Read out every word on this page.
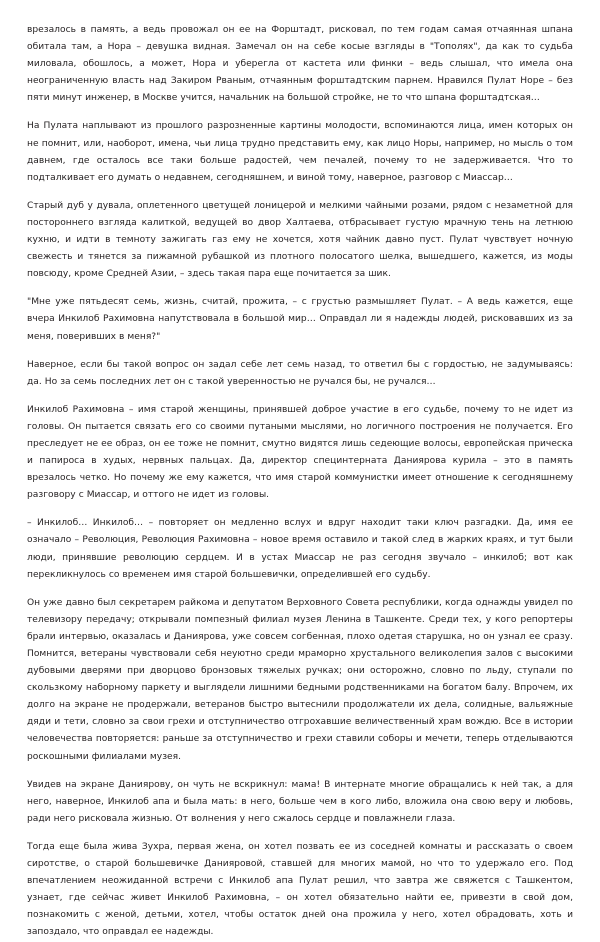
врезалось в память, а ведь провожал он ее на Форштадт, рисковал, по тем годам самая отчаянная шпана обитала там, а Нора – девушка видная. Замечал он на себе косые взгляды в "Тополях", да как то судьба миловала, обошлось, а может, Нора и уберегла от кастета или финки – ведь слышал, что имела она неограниченную власть над Закиром Рваным, отчаянным форштадтским парнем. Нравился Пулат Норе – без пяти минут инженер, в Москве учится, начальник на большой стройке, не то что шпана форштадтская…

На Пулата наплывают из прошлого разрозненные картины молодости, вспоминаются лица, имен которых он не помнит, или, наоборот, имена, чьи лица трудно представить ему, как лицо Норы, например, но мысль о том давнем, где осталось все таки больше радостей, чем печалей, почему то не задерживается. Что то подталкивает его думать о недавнем, сегодняшнем, и виной тому, наверное, разговор с Миассар…

Старый дуб у дувала, оплетенного цветущей лоницерой и мелкими чайными розами, рядом с незаметной для постороннего взгляда калиткой, ведущей во двор Халтаева, отбрасывает густую мрачную тень на летнюю кухню, и идти в темноту зажигать газ ему не хочется, хотя чайник давно пуст. Пулат чувствует ночную свежесть и тянется за пижамной рубашкой из плотного полосатого шелка, вышедшего, кажется, из моды повсюду, кроме Средней Азии, – здесь такая пара еще почитается за шик.

"Мне уже пятьдесят семь, жизнь, считай, прожита, – с грустью размышляет Пулат. – А ведь кажется, еще вчера Инкилоб Рахимовна напутствовала в большой мир… Оправдал ли я надежды людей, рисковавших из за меня, поверивших в меня?"

Наверное, если бы такой вопрос он задал себе лет семь назад, то ответил бы с гордостью, не задумываясь: да. Но за семь последних лет он с такой уверенностью не ручался бы, не ручался…

Инкилоб Рахимовна – имя старой женщины, принявшей доброе участие в его судьбе, почему то не идет из головы. Он пытается связать его со своими путаными мыслями, но логичного построения не получается. Его преследует не ее образ, он ее тоже не помнит, смутно видятся лишь седеющие волосы, европейская прическа и папироса в худых, нервных пальцах. Да, директор специнтерната Даниярова курила – это в память врезалось четко. Но почему же ему кажется, что имя старой коммунистки имеет отношение к сегодняшнему разговору с Миассар, и оттого не идет из головы.

– Инкилоб… Инкилоб… – повторяет он медленно вслух и вдруг находит таки ключ разгадки. Да, имя ее означало – Революция, Революция Рахимовна – новое время оставило и такой след в жарких краях, и тут были люди, принявшие революцию сердцем. И в устах Миассар не раз сегодня звучало – инкилоб; вот как перекликнулось со временем имя старой большевички, определившей его судьбу.

Он уже давно был секретарем райкома и депутатом Верховного Совета республики, когда однажды увидел по телевизору передачу; открывали помпезный филиал музея Ленина в Ташкенте. Среди тех, у кого репортеры брали интервью, оказалась и Даниярова, уже совсем согбенная, плохо одетая старушка, но он узнал ее сразу. Помнится, ветераны чувствовали себя неуютно среди мраморно хрустального великолепия залов с высокими дубовыми дверями при дворцово бронзовых тяжелых ручках; они осторожно, словно по льду, ступали по скользкому наборному паркету и выглядели лишними бедными родственниками на богатом балу. Впрочем, их долго на экране не продержали, ветеранов быстро вытеснили продолжатели их дела, солидные, вальяжные дяди и тети, словно за свои грехи и отступничество отгрохавшие величественный храм вождю. Все в истории человечества повторяется: раньше за отступничество и грехи ставили соборы и мечети, теперь отделываются роскошными филиалами музея.

Увидев на экране Даниярову, он чуть не вскрикнул: мама! В интернате многие обращались к ней так, а для него, наверное, Инкилоб апа и была мать: в него, больше чем в кого либо, вложила она свою веру и любовь, ради него рисковала жизнью. От волнения у него сжалось сердце и повлажнели глаза.

Тогда еще была жива Зухра, первая жена, он хотел позвать ее из соседней комнаты и рассказать о своем сиротстве, о старой большевичке Данияровой, ставшей для многих мамой, но что то удержало его. Под впечатлением неожиданной встречи с Инкилоб апа Пулат решил, что завтра же свяжется с Ташкентом, узнает, где сейчас живет Инкилоб Рахимовна, – он хотел обязательно найти ее, привезти в свой дом, познакомить с женой, детьми, хотел, чтобы остаток дней она прожила у него, хотел обрадовать, хоть и запоздало, что оправдал ее надежды.
